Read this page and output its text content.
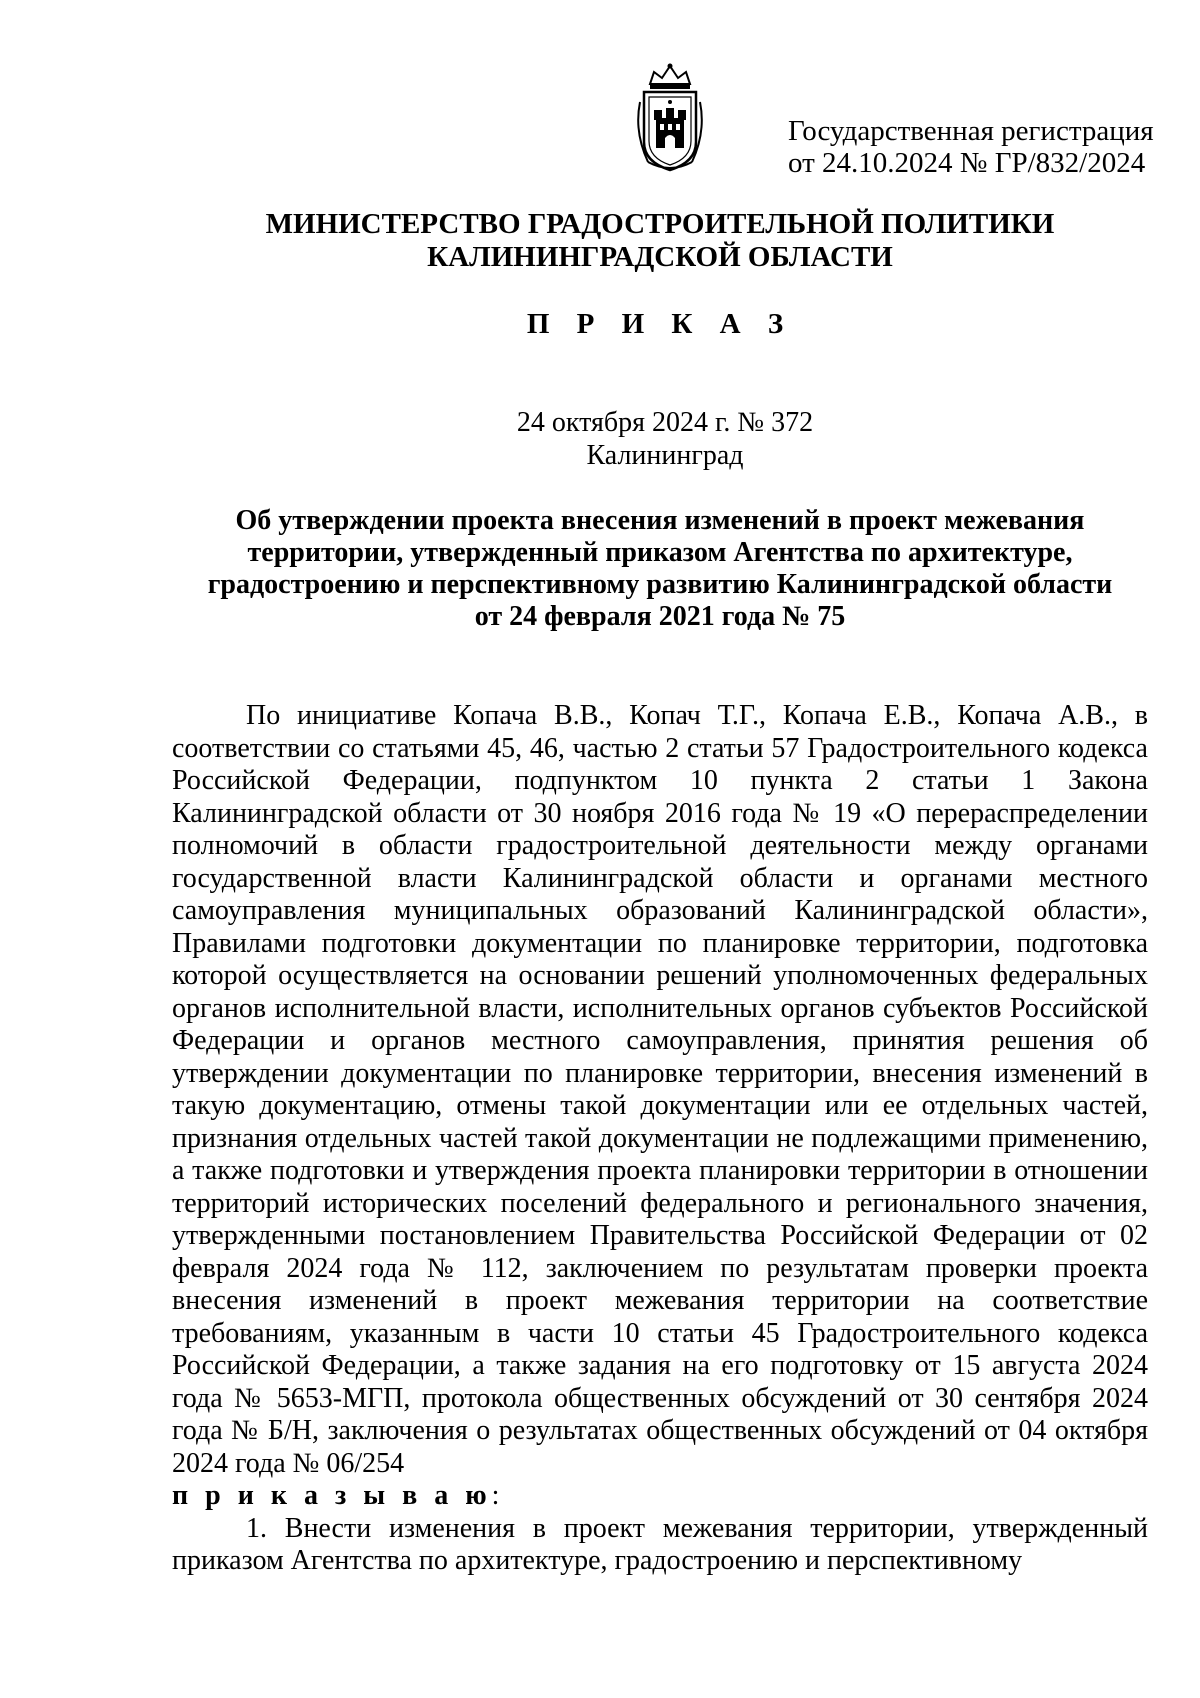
Государственная регистрация
от 24.10.2024 № ГР/832/2024
МИНИСТЕРСТВО ГРАДОСТРОИТЕЛЬНОЙ ПОЛИТИКИ
КАЛИНИНГРАДСКОЙ ОБЛАСТИ
П Р И К А З
24 октября 2024 г. № 372
Калининград
Об утверждении проекта внесения изменений в проект межевания
территории, утвержденный приказом Агентства по архитектуре,
градостроению и перспективному развитию Калининградской области
от 24 февраля 2021 года № 75

По инициативе Копача В.В., Копач Т.Г., Копача Е.В., Копача А.В., в соответствии со статьями 45, 46, частью 2 статьи 57 Градостроительного кодекса Российской Федерации, подпунктом 10 пункта 2 статьи 1 Закона Калининградской области от 30 ноября 2016 года № 19 «О перераспределении полномочий в области градостроительной деятельности между органами государственной власти Калининградской области и органами местного самоуправления муниципальных образований Калининградской области», Правилами подготовки документации по планировке территории, подготовка которой осуществляется на основании решений уполномоченных федеральных органов исполнительной власти, исполнительных органов субъектов Российской Федерации и органов местного самоуправления, принятия решения об утверждении документации по планировке территории, внесения изменений в такую документацию, отмены такой документации или ее отдельных частей, признания отдельных частей такой документации не подлежащими применению, а также подготовки и утверждения проекта планировки территории в отношении территорий исторических поселений федерального и регионального значения, утвержденными постановлением Правительства Российской Федерации от 02 февраля 2024 года № 112, заключением по результатам проверки проекта внесения изменений в проект межевания территории на соответствие требованиям, указанным в части 10 статьи 45 Градостроительного кодекса Российской Федерации, а также задания на его подготовку от 15 августа 2024 года № 5653-МГП, протокола общественных обсуждений от 30 сентября 2024 года № Б/Н, заключения о результатах общественных обсуждений от 04 октября 2024 года № 06/254

п р и к а з ы в а ю:

1. Внести изменения в проект межевания территории, утвержденный приказом Агентства по архитектуре, градостроению и перспективному
